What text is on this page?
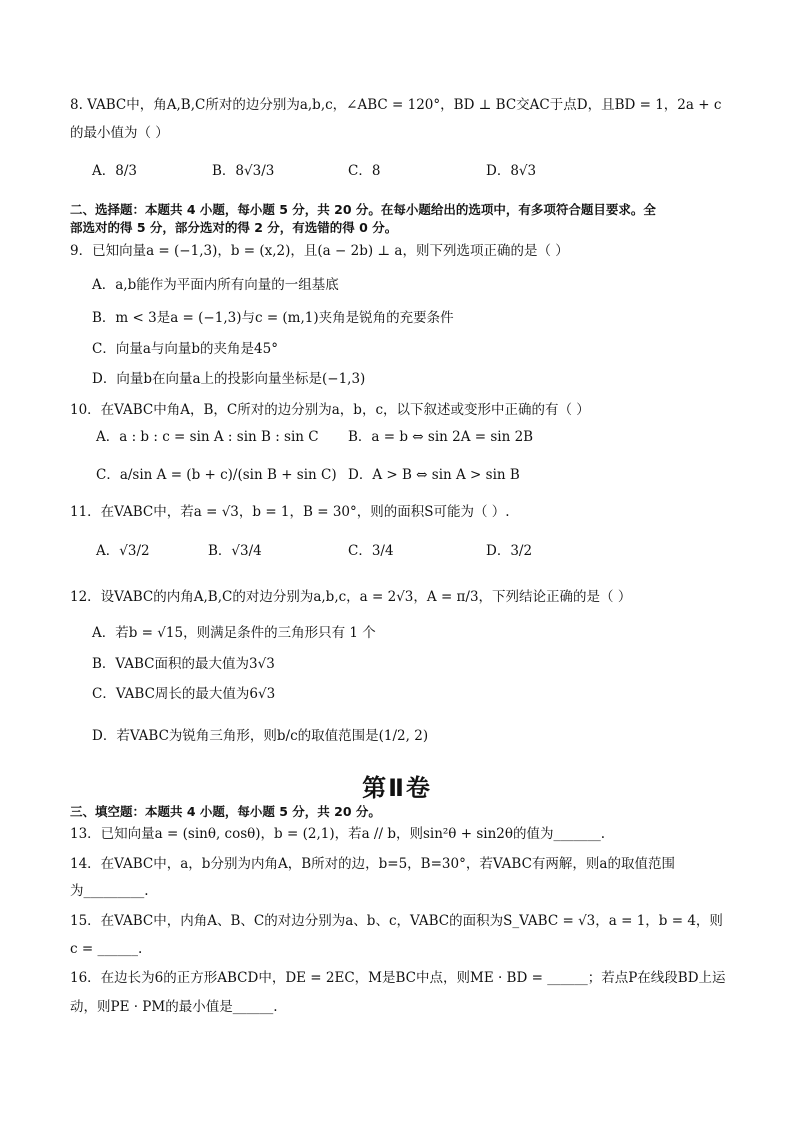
8. VABC中，角A,B,C所对的边分别为a,b,c，∠ABC = 120°，BD ⊥ BC交AC于点D，且BD = 1，2a + c
的最小值为（ ）
A．8/3	B．8√3/3	C．8	D．8√3
二、选择题：本题共 4 小题，每小题 5 分，共 20 分。在每小题给出的选项中，有多项符合题目要求。全
部选对的得 5 分，部分选对的得 2 分，有选错的得 0 分。
9．已知向量a = (−1,3)，b = (x,2)，且(a − 2b) ⊥ a，则下列选项正确的是（ ）
A．a,b能作为平面内所有向量的一组基底
B．m < 3是a = (−1,3)与c = (m,1)夹角是锐角的充要条件
C．向量a与向量b的夹角是45°
D．向量b在向量a上的投影向量坐标是(−1,3)
10．在VABC中角A，B，C所对的边分别为a，b，c，以下叙述或变形中正确的有（ ）
A．a : b : c = sin A : sin B : sin C B．a = b ⇔ sin 2A = sin 2B
C．a/sin A = (b + c)/(sin B + sin C) D．A > B ⇔ sin A > sin B
11．在VABC中，若a = √3，b = 1，B = 30°，则的面积S可能为（ ）.
A．√3/2	B．√3/4	C．3/4	D．3/2
12．设VABC的内角A,B,C的对边分别为a,b,c，a = 2√3，A = π/3，下列结论正确的是（ ）
A．若b = √15，则满足条件的三角形只有 1 个
B．VABC面积的最大值为3√3
C．VABC周长的最大值为6√3
D．若VABC为锐角三角形，则b/c的取值范围是(1/2, 2)
第Ⅱ卷
三、填空题：本题共 4 小题，每小题 5 分，共 20 分。
13．已知向量a = (sinθ, cosθ)，b = (2,1)，若a // b，则sin²θ + sin2θ的值为_______.
14．在VABC中，a，b分别为内角A，B所对的边，b=5，B=30°，若VABC有两解，则a的取值范围
为_________.
15．在VABC中，内角A、B、C的对边分别为a、b、c，VABC的面积为S_VABC = √3，a = 1，b = 4，则
c = ______.
16．在边长为6的正方形ABCD中，DE = 2EC，M是BC中点，则ME · BD = ______；若点P在线段BD上运
动，则PE · PM的最小值是______.
